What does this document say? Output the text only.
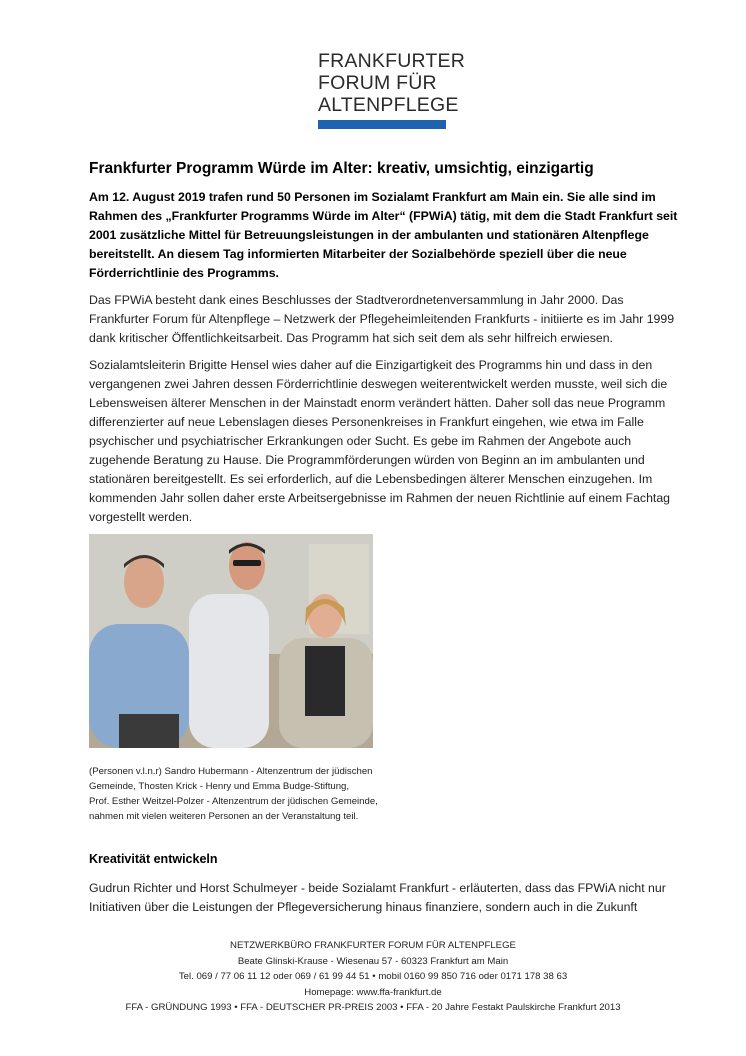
FRANKFURTER
FORUM FÜR
ALTENPFLEGE
Frankfurter Programm Würde im Alter: kreativ, umsichtig, einzigartig

Am 12. August 2019 trafen rund 50 Personen im Sozialamt Frankfurt am Main ein. Sie alle sind im Rahmen des „Frankfurter Programms Würde im Alter“ (FPWiA) tätig, mit dem die Stadt Frankfurt seit 2001 zusätzliche Mittel für Betreuungsleistungen in der ambulanten und stationären Altenpflege bereitstellt. An diesem Tag informierten Mitarbeiter der Sozialbehörde speziell über die neue Förderrichtlinie des Programms.

Das FPWiA besteht dank eines Beschlusses der Stadtverordnetenversammlung in Jahr 2000. Das Frankfurter Forum für Altenpflege – Netzwerk der Pflegeheimleitenden Frankfurts - initiierte es im Jahr 1999 dank kritischer Öffentlichkeitsarbeit. Das Programm hat sich seit dem als sehr hilfreich erwiesen.

Sozialamtsleiterin Brigitte Hensel wies daher auf die Einzigartigkeit des Programms hin und dass in den vergangenen zwei Jahren dessen Förderrichtlinie deswegen weiterentwickelt werden musste, weil sich die Lebensweisen älterer Menschen in der Mainstadt enorm verändert hätten. Daher soll das neue Programm differenzierter auf neue Lebenslagen dieses Personenkreises in Frankfurt eingehen, wie etwa im Falle psychischer und psychiatrischer Erkrankungen oder Sucht. Es gebe im Rahmen der Angebote auch zugehende Beratung zu Hause. Die Programmförderungen würden von Beginn an im ambulanten und stationären bereitgestellt. Es sei erforderlich, auf die Lebensbedingen älterer Menschen einzugehen. Im kommenden Jahr sollen daher erste Arbeitsergebnisse im Rahmen der neuen Richtlinie auf einem Fachtag vorgestellt werden.

(Personen v.l.n.r) Sandro Hubermann - Altenzentrum der jüdischen
Gemeinde, Thosten Krick - Henry und Emma Budge-Stiftung,
Prof. Esther Weitzel-Polzer - Altenzentrum der jüdischen Gemeinde,
nahmen mit vielen weiteren Personen an der Veranstaltung teil.
Kreativität entwickeln
Gudrun Richter und Horst Schulmeyer - beide Sozialamt Frankfurt - erläuterten, dass das FPWiA nicht nur Initiativen über die Leistungen der Pflegeversicherung hinaus finanziere, sondern auch in die Zukunft
NETZWERKBÜRO FRANKFURTER FORUM FÜR ALTENPFLEGE
Beate Glinski-Krause - Wiesenau 57 - 60323 Frankfurt am Main
Tel. 069 / 77 06 11 12 oder 069 / 61 99 44 51 • mobil 0160 99 850 716 oder 0171 178 38 63
Homepage: www.ffa-frankfurt.de
FFA - GRÜNDUNG 1993 • FFA - DEUTSCHER PR-PREIS 2003 • FFA - 20 Jahre Festakt Paulskirche Frankfurt 2013
